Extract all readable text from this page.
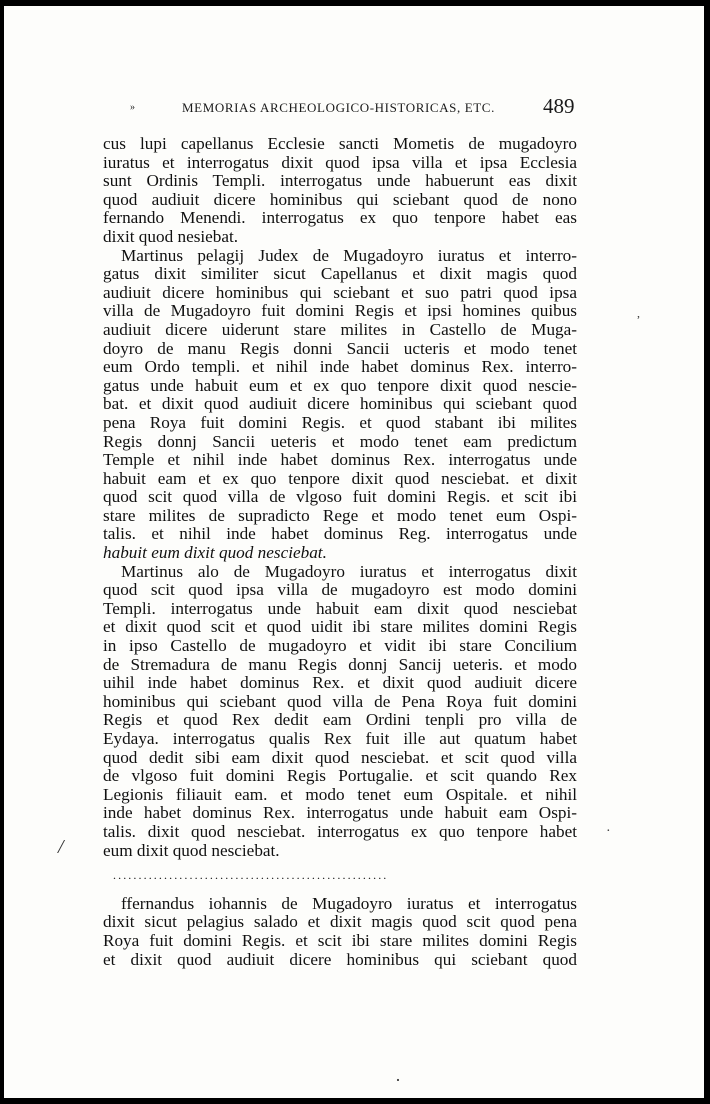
»	MEMORIAS ARCHEOLOGICO-HISTORICAS, ETC. 489
cus lupi capellanus Ecclesie sancti Mometis de mugadoyro
iuratus et interrogatus dixit quod ipsa villa et ipsa Ecclesia
sunt Ordinis Templi. interrogatus unde habuerunt eas dixit
quod audiuit dicere hominibus qui sciebant quod de nono
fernando Menendi. interrogatus ex quo tenpore habet eas
dixit quod nesiebat.
Martinus pelagij Judex de Mugadoyro iuratus et interro-
gatus dixit similiter sicut Capellanus et dixit magis quod
audiuit dicere hominibus qui sciebant et suo patri quod ipsa
villa de Mugadoyro fuit domini Regis et ipsi homines quibus
audiuit dicere uiderunt stare milites in Castello de Muga-
doyro de manu Regis donni Sancii ucteris et modo tenet
eum Ordo templi. et nihil inde habet dominus Rex. interro-
gatus unde habuit eum et ex quo tenpore dixit quod nescie-
bat. et dixit quod audiuit dicere hominibus qui sciebant quod
pena Roya fuit domini Regis. et quod stabant ibi milites
Regis donnj Sancii ueteris et modo tenet eam predictum
Temple et nihil inde habet dominus Rex. interrogatus unde
habuit eam et ex quo tenpore dixit quod nesciebat. et dixit
quod scit quod villa de vlgoso fuit domini Regis. et scit ibi
stare milites de supradicto Rege et modo tenet eum Ospi-
talis. et nihil inde habet dominus Reg. interrogatus unde
habuit eum dixit quod nesciebat.
Martinus alo de Mugadoyro iuratus et interrogatus dixit
quod scit quod ipsa villa de mugadoyro est modo domini
Templi. interrogatus unde habuit eam dixit quod nesciebat
et dixit quod scit et quod uidit ibi stare milites domini Regis
in ipso Castello de mugadoyro et vidit ibi stare Concilium
de Stremadura de manu Regis donnj Sancij ueteris. et modo
uihil inde habet dominus Rex. et dixit quod audiuit dicere
hominibus qui sciebant quod villa de Pena Roya fuit domini
Regis et quod Rex dedit eam Ordini tenpli pro villa de
Eydaya. interrogatus qualis Rex fuit ille aut quatum habet
quod dedit sibi eam dixit quod nesciebat. et scit quod villa
de vlgoso fuit domini Regis Portugalie. et scit quando Rex
Legionis filiauit eam. et modo tenet eum Ospitale. et nihil
inde habet dominus Rex. interrogatus unde habuit eam Ospi-
talis. dixit quod nesciebat. interrogatus ex quo tenpore habet
eum dixit quod nesciebat.
......................................................
ffernandus iohannis de Mugadoyro iuratus et interrogatus
dixit sicut pelagius salado et dixit magis quod scit quod pena
Roya fuit domini Regis. et scit ibi stare milites domini Regis
et dixit quod audiuit dicere hominibus qui sciebant quod
/
·
,
·
